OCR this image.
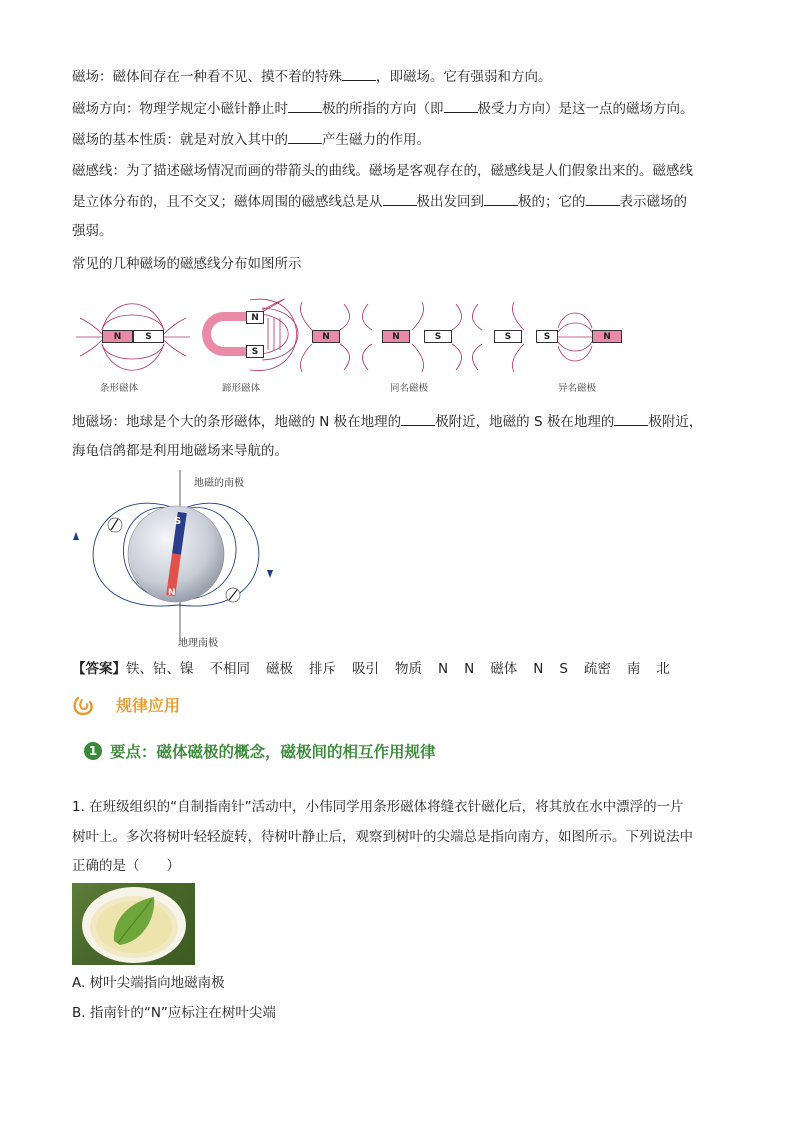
磁场：磁体间存在一种看不见、摸不着的特殊	，即磁场。它有强弱和方向。
磁场方向：物理学规定小磁针静止时	极的所指的方向（即	极受力方向）是这一点的磁场方向。
磁场的基本性质：就是对放入其中的	产生磁力的作用。
磁感线：为了描述磁场情况而画的带箭头的曲线。磁场是客观存在的，磁感线是人们假象出来的。磁感线
是立体分布的，且不交叉；磁体周围的磁感线总是从	极出发回到	极的；它的	表示磁场的
强弱。
常见的几种磁场的磁感线分布如图所示
N	S
N
S
N	N	S	S	S	N
条形磁体	蹄形磁体	同名磁极	异名磁极
地磁场：地球是个大的条形磁体，地磁的 N 极在地理的	极附近，地磁的 S 极在地理的	极附近，
海龟信鸽都是利用地磁场来导航的。
S
N
地磁的南极
地理南极
【答案】铁、钴、镍 不相同 磁极 排斥 吸引 物质 N N 磁体 N S 疏密 南 北
规律应用
1 要点：磁体磁极的概念，磁极间的相互作用规律
1. 在班级组织的“自制指南针”活动中，小伟同学用条形磁体将缝衣针磁化后，将其放在水中漂浮的一片
树叶上。多次将树叶轻轻旋转，待树叶静止后，观察到树叶的尖端总是指向南方，如图所示。下列说法中
正确的是（　　）
A. 树叶尖端指向地磁南极
B. 指南针的“N”应标注在树叶尖端
